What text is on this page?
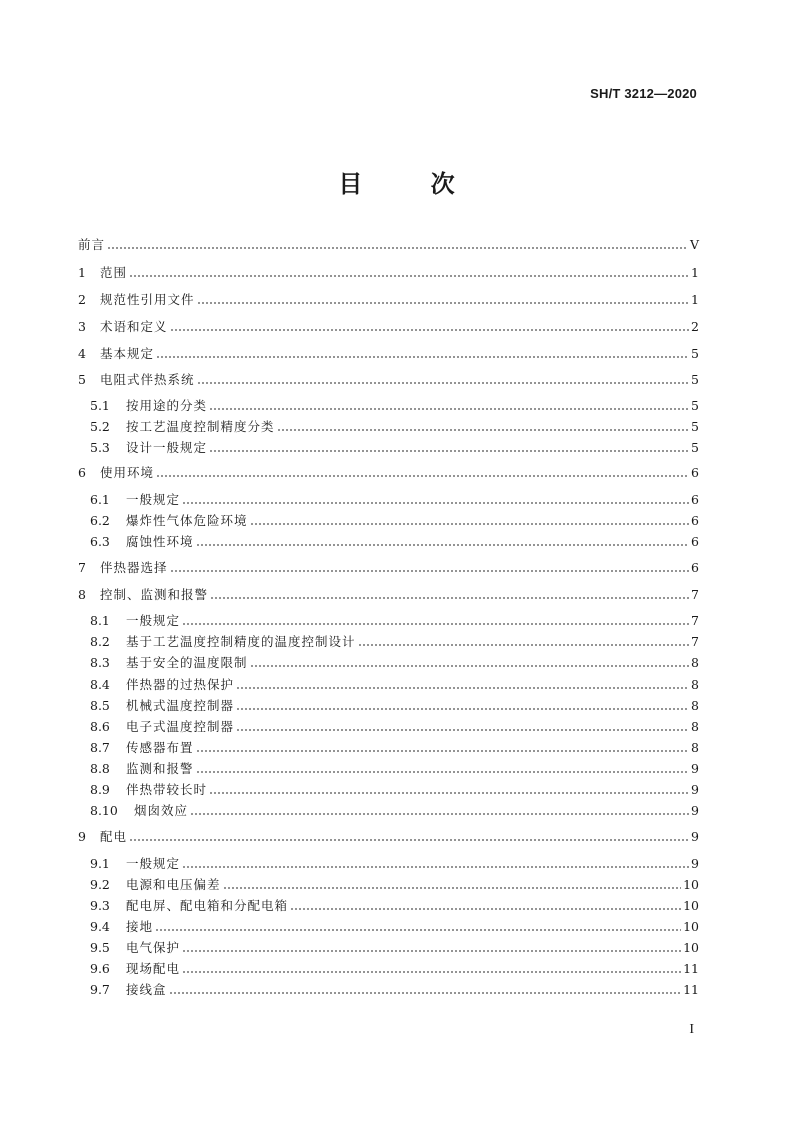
SH/T 3212—2020
目 次
前言	V
1	范围	1
2	规范性引用文件	1
3	术语和定义	2
4	基本规定	5
5	电阻式伴热系统	5
5.1	按用途的分类	5
5.2	按工艺温度控制精度分类	5
5.3	设计一般规定	5
6	使用环境	6
6.1	一般规定	6
6.2	爆炸性气体危险环境	6
6.3	腐蚀性环境	6
7	伴热器选择	6
8	控制、监测和报警	7
8.1	一般规定	7
8.2	基于工艺温度控制精度的温度控制设计	7
8.3	基于安全的温度限制	8
8.4	伴热器的过热保护	8
8.5	机械式温度控制器	8
8.6	电子式温度控制器	8
8.7	传感器布置	8
8.8	监测和报警	9
8.9	伴热带较长时	9
8.10	烟囱效应	9
9	配电	9
9.1	一般规定	9
9.2	电源和电压偏差	10
9.3	配电屏、配电箱和分配电箱	10
9.4	接地	10
9.5	电气保护	10
9.6	现场配电	11
9.7	接线盒	11
I
